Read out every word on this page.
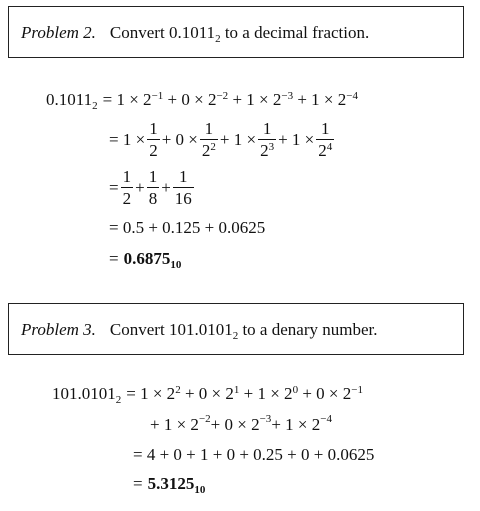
Problem 2. Convert $0.1011_2$ to a decimal fraction.
$0.1011_2 = 1 \times 2^{-1} + 0 \times 2^{-2} + 1 \times 2^{-3} + 1 \times 2^{-4}$
= $1 \times \frac{1}{2} + 0 \times \frac{1}{2^2} + 1 \times \frac{1}{2^3} + 1 \times \frac{1}{2^4}$
= $\frac{1}{2} + \frac{1}{8} + \frac{1}{16}$
= 0.5 + 0.125 + 0.0625
= $0.6875_{10}$
Problem 3. Convert $101.0101_2$ to a denary number.
$101.0101_2 = 1 \times 2^2 + 0 \times 2^1 + 1 \times 2^0 + 0 \times 2^{-1}$
+ $1 \times 2^{-2} + 0 \times 2^{-3} + 1 \times 2^{-4}$
= 4 + 0 + 1 + 0 + 0.25 + 0 + 0.0625
= $5.3125_{10}$
